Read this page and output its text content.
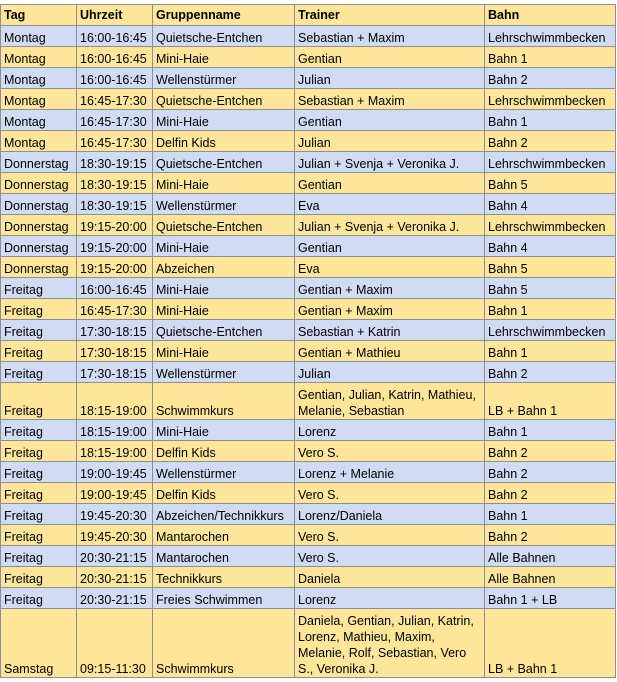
Tag	Uhrzeit	Gruppenname	Trainer	Bahn
Montag	16:00-16:45	Quietsche-Entchen	Sebastian + Maxim	Lehrschwimmbecken
Montag	16:00-16:45	Mini-Haie	Gentian	Bahn 1
Montag	16:00-16:45	Wellenstürmer	Julian	Bahn 2
Montag	16:45-17:30	Quietsche-Entchen	Sebastian + Maxim	Lehrschwimmbecken
Montag	16:45-17:30	Mini-Haie	Gentian	Bahn 1
Montag	16:45-17:30	Delfin Kids	Julian	Bahn 2
Donnerstag	18:30-19:15	Quietsche-Entchen	Julian + Svenja + Veronika J.	Lehrschwimmbecken
Donnerstag	18:30-19:15	Mini-Haie	Gentian	Bahn 5
Donnerstag	18:30-19:15	Wellenstürmer	Eva	Bahn 4
Donnerstag	19:15-20:00	Quietsche-Entchen	Julian + Svenja + Veronika J.	Lehrschwimmbecken
Donnerstag	19:15-20:00	Mini-Haie	Gentian	Bahn 4
Donnerstag	19:15-20:00	Abzeichen	Eva	Bahn 5
Freitag	16:00-16:45	Mini-Haie	Gentian + Maxim	Bahn 5
Freitag	16:45-17:30	Mini-Haie	Gentian + Maxim	Bahn 1
Freitag	17:30-18:15	Quietsche-Entchen	Sebastian + Katrin	Lehrschwimmbecken
Freitag	17:30-18:15	Mini-Haie	Gentian + Mathieu	Bahn 1
Freitag	17:30-18:15	Wellenstürmer	Julian	Bahn 2
Freitag	18:15-19:00	Schwimmkurs	Gentian, Julian, Katrin, Mathieu, Melanie, Sebastian	LB + Bahn 1
Freitag	18:15-19:00	Mini-Haie	Lorenz	Bahn 1
Freitag	18:15-19:00	Delfin Kids	Vero S.	Bahn 2
Freitag	19:00-19:45	Wellenstürmer	Lorenz + Melanie	Bahn 2
Freitag	19:00-19:45	Delfin Kids	Vero S.	Bahn 2
Freitag	19:45-20:30	Abzeichen/Technikkurs	Lorenz/Daniela	Bahn 1
Freitag	19:45-20:30	Mantarochen	Vero S.	Bahn 2
Freitag	20:30-21:15	Mantarochen	Vero S.	Alle Bahnen
Freitag	20:30-21:15	Technikkurs	Daniela	Alle Bahnen
Freitag	20:30-21:15	Freies Schwimmen	Lorenz	Bahn 1 + LB
Samstag	09:15-11:30	Schwimmkurs	Daniela, Gentian, Julian, Katrin, Lorenz, Mathieu, Maxim, Melanie, Rolf, Sebastian, Vero S., Veronika J.	LB + Bahn 1
